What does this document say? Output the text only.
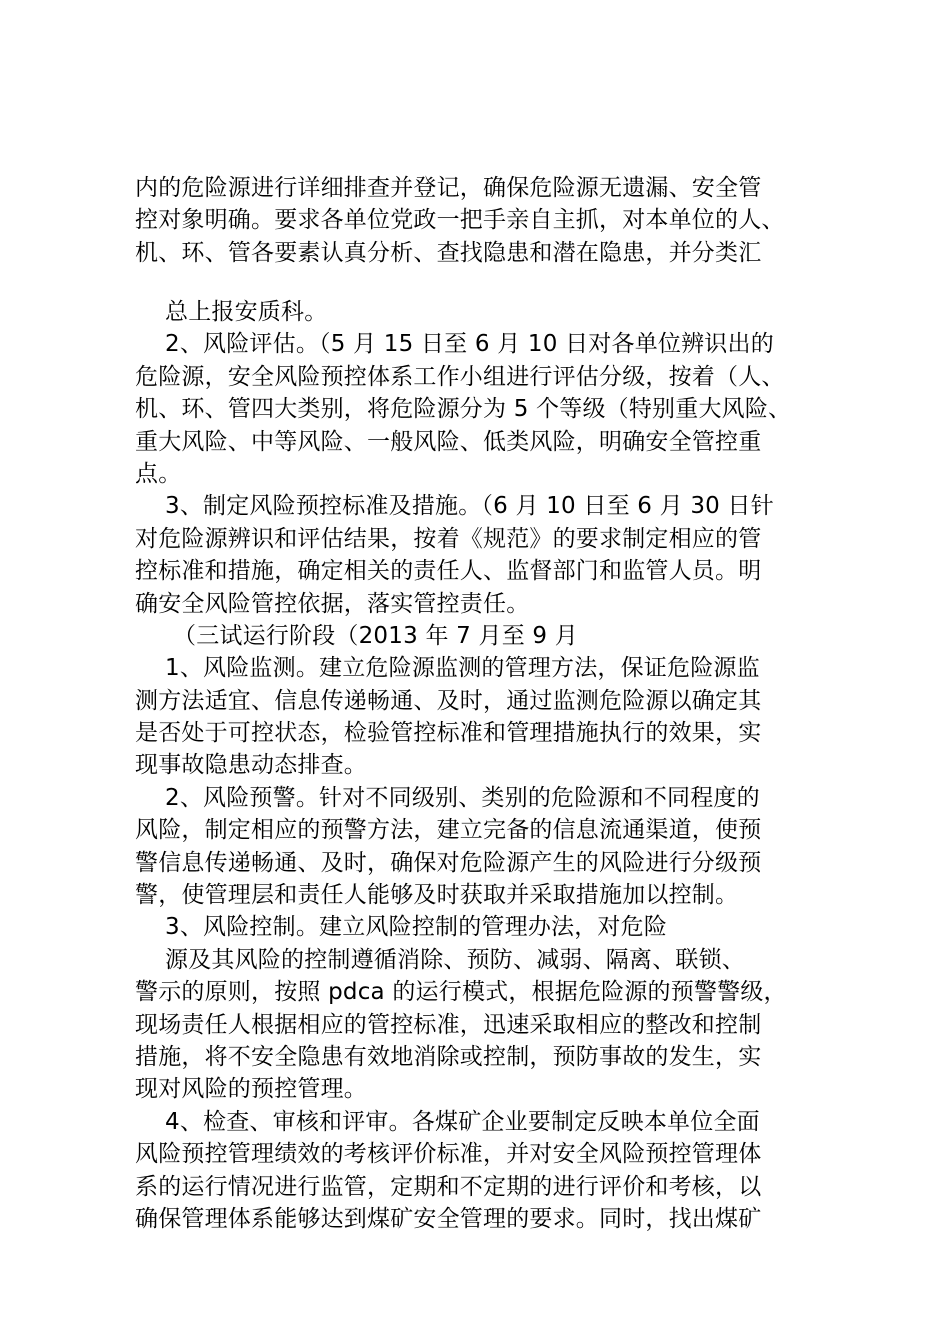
内的危险源进行详细排查并登记，确保危险源无遗漏、安全管
控对象明确。要求各单位党政一把手亲自主抓，对本单位的人、
机、环、管各要素认真分析、查找隐患和潜在隐患，并分类汇
总上报安质科。
2、风险评估。（5 月 15 日至 6 月 10 日对各单位辨识出的
危险源，安全风险预控体系工作小组进行评估分级，按着（人、
机、环、管四大类别，将危险源分为 5 个等级（特别重大风险、
重大风险、中等风险、一般风险、低类风险，明确安全管控重
点。
3、制定风险预控标准及措施。（6 月 10 日至 6 月 30 日针
对危险源辨识和评估结果，按着《规范》的要求制定相应的管
控标准和措施，确定相关的责任人、监督部门和监管人员。明
确安全风险管控依据，落实管控责任。
（三试运行阶段（2013 年 7 月至 9 月
1、风险监测。建立危险源监测的管理方法，保证危险源监
测方法适宜、信息传递畅通、及时，通过监测危险源以确定其
是否处于可控状态，检验管控标准和管理措施执行的效果，实
现事故隐患动态排查。
2、风险预警。针对不同级别、类别的危险源和不同程度的
风险，制定相应的预警方法，建立完备的信息流通渠道，使预
警信息传递畅通、及时，确保对危险源产生的风险进行分级预
警，使管理层和责任人能够及时获取并采取措施加以控制。
3、风险控制。建立风险控制的管理办法，对危险
源及其风险的控制遵循消除、预防、减弱、隔离、联锁、
警示的原则，按照 pdca 的运行模式，根据危险源的预警警级，
现场责任人根据相应的管控标准，迅速采取相应的整改和控制
措施，将不安全隐患有效地消除或控制，预防事故的发生，实
现对风险的预控管理。
4、检查、审核和评审。各煤矿企业要制定反映本单位全面
风险预控管理绩效的考核评价标准，并对安全风险预控管理体
系的运行情况进行监管，定期和不定期的进行评价和考核，以
确保管理体系能够达到煤矿安全管理的要求。同时，找出煤矿
